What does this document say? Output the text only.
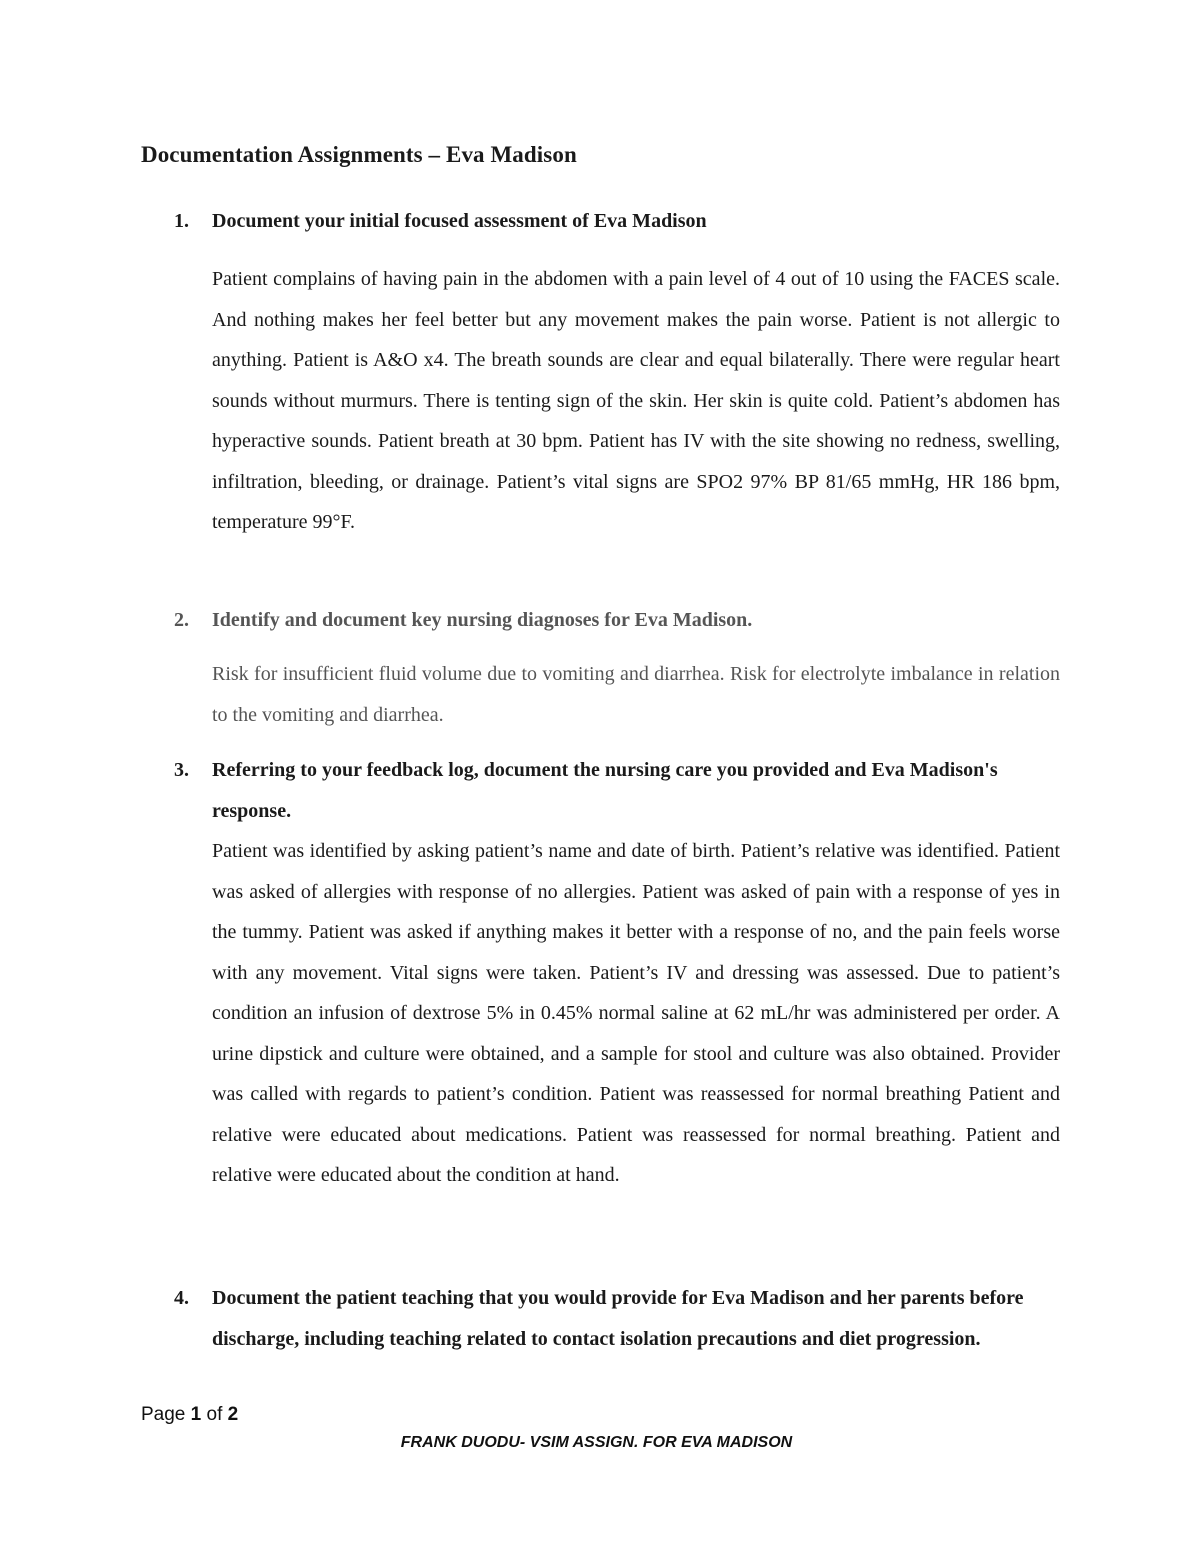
Documentation Assignments – Eva Madison
1. Document your initial focused assessment of Eva Madison
Patient complains of having pain in the abdomen with a pain level of 4 out of 10 using the FACES scale. And nothing makes her feel better but any movement makes the pain worse. Patient is not allergic to anything. Patient is A&O x4. The breath sounds are clear and equal bilaterally. There were regular heart sounds without murmurs. There is tenting sign of the skin. Her skin is quite cold. Patient’s abdomen has hyperactive sounds. Patient breath at 30 bpm. Patient has IV with the site showing no redness, swelling, infiltration, bleeding, or drainage. Patient’s vital signs are SPO2 97% BP 81/65 mmHg, HR 186 bpm, temperature 99°F.
2. Identify and document key nursing diagnoses for Eva Madison.
Risk for insufficient fluid volume due to vomiting and diarrhea. Risk for electrolyte imbalance in relation to the vomiting and diarrhea.
3. Referring to your feedback log, document the nursing care you provided and Eva Madison's response.
Patient was identified by asking patient’s name and date of birth. Patient’s relative was identified. Patient was asked of allergies with response of no allergies. Patient was asked of pain with a response of yes in the tummy. Patient was asked if anything makes it better with a response of no, and the pain feels worse with any movement. Vital signs were taken. Patient’s IV and dressing was assessed. Due to patient’s condition an infusion of dextrose 5% in 0.45% normal saline at 62 mL/hr was administered per order. A urine dipstick and culture were obtained, and a sample for stool and culture was also obtained. Provider was called with regards to patient’s condition. Patient was reassessed for normal breathing Patient and relative were educated about medications. Patient was reassessed for normal breathing. Patient and relative were educated about the condition at hand.
4. Document the patient teaching that you would provide for Eva Madison and her parents before discharge, including teaching related to contact isolation precautions and diet progression.
Page 1 of 2
FRANK DUODU- VSIM ASSIGN. FOR EVA MADISON
